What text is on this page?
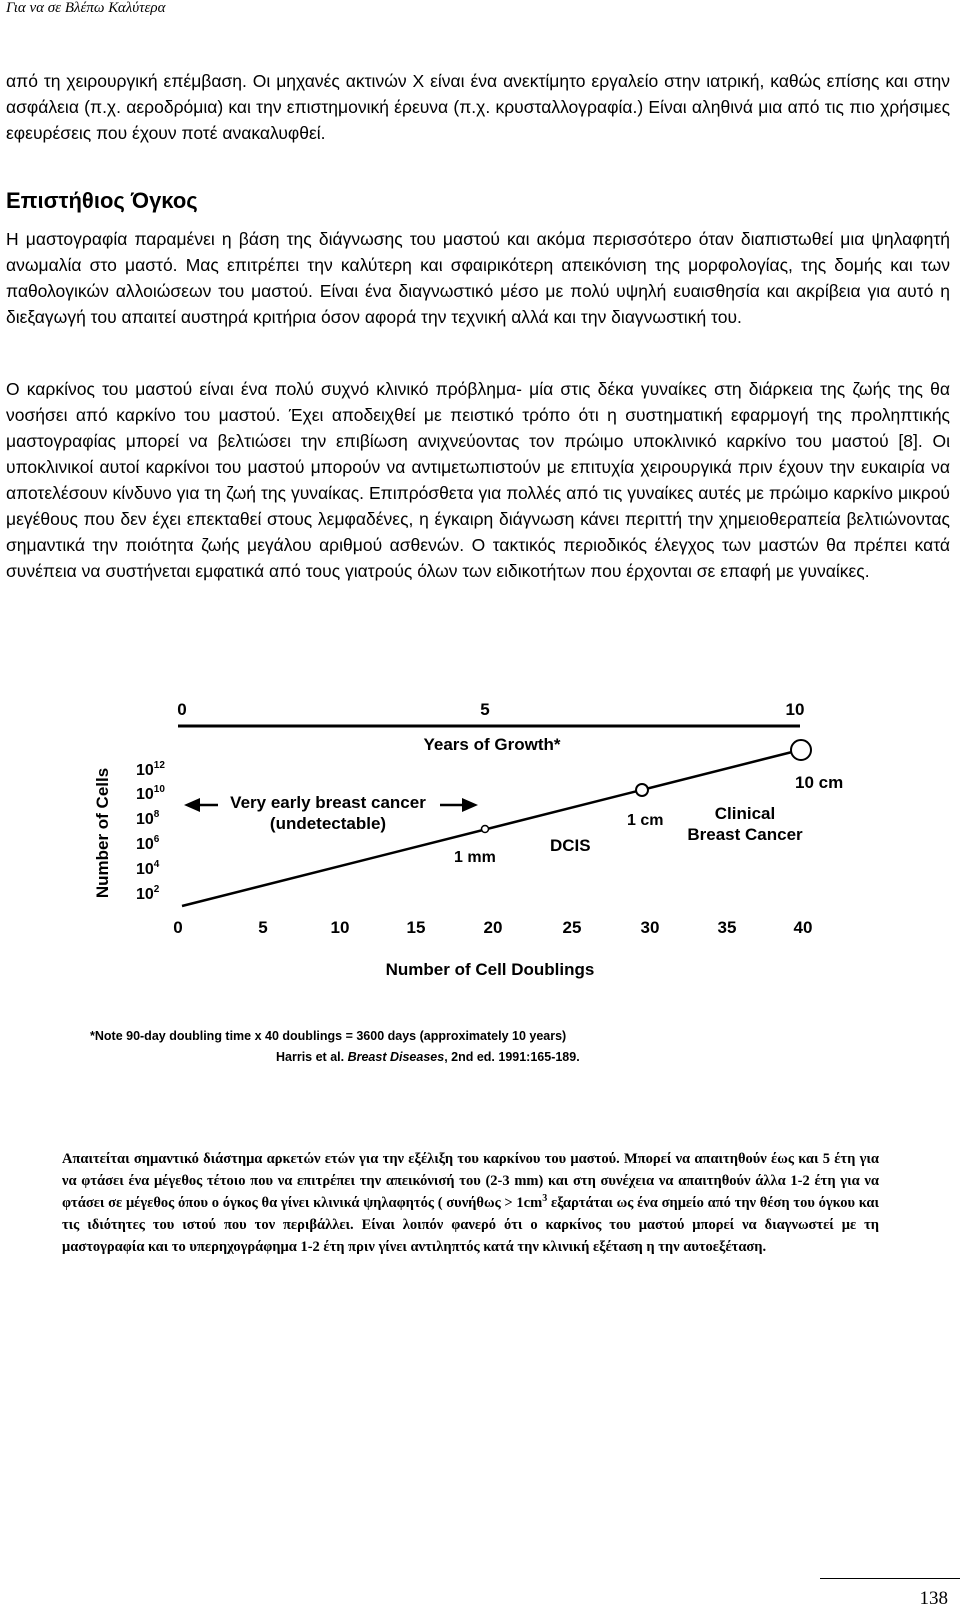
Για να σε Βλέπω Καλύτερα

από τη χειρουργική επέμβαση. Οι μηχανές ακτινών Χ είναι ένα ανεκτίμητο εργαλείο στην ιατρική, καθώς επίσης και στην ασφάλεια (π.χ. αεροδρόμια) και την επιστημονική έρευνα (π.χ. κρυσταλλογραφία.) Είναι αληθινά μια από τις πιο χρήσιμες εφευρέσεις που έχουν ποτέ ανακαλυφθεί.

Επιστήθιος Όγκος

Η μαστογραφία παραμένει η βάση της διάγνωσης του μαστού και ακόμα περισσότερο όταν διαπιστωθεί μια ψηλαφητή ανωμαλία στο μαστό. Μας επιτρέπει την καλύτερη και σφαιρικότερη απεικόνιση της μορφολογίας, της δομής και των παθολογικών αλλοιώσεων του μαστού. Είναι ένα διαγνωστικό μέσο με πολύ υψηλή ευαισθησία και ακρίβεια για αυτό η διεξαγωγή του απαιτεί αυστηρά κριτήρια όσον αφορά την τεχνική αλλά και την διαγνωστική του.

Ο καρκίνος του μαστού είναι ένα πολύ συχνό κλινικό πρόβλημα- μία στις δέκα γυναίκες στη διάρκεια της ζωής της θα νοσήσει από καρκίνο του μαστού. Έχει αποδειχθεί με πειστικό τρόπο ότι η συστηματική εφαρμογή της προληπτικής μαστογραφίας μπορεί να βελτιώσει την επιβίωση ανιχνεύοντας τον πρώιμο υποκλινικό καρκίνο του μαστού [8]. Οι υποκλινικοί αυτοί καρκίνοι του μαστού μπορούν να αντιμετωπιστούν με επιτυχία χειρουργικά πριν έχουν την ευκαιρία να αποτελέσουν κίνδυνο για τη ζωή της γυναίκας. Επιπρόσθετα για πολλές από τις γυναίκες αυτές με πρώιμο καρκίνο μικρού μεγέθους που δεν έχει επεκταθεί στους λεμφαδένες, η έγκαιρη διάγνωση κάνει περιττή την χημειοθεραπεία βελτιώνοντας σημαντικά την ποιότητα ζωής μεγάλου αριθμού ασθενών. Ο τακτικός περιοδικός έλεγχος των μαστών θα πρέπει κατά συνέπεια να συστήνεται εμφατικά από τους γιατρούς όλων των ειδικοτήτων που έρχονται σε επαφή με γυναίκες.

0	5	10
Years of Growth*
Number of Cells $10^{12}$
$10^{10}$
$10^8$
$10^6$
$10^4$
$10^2$
Very early breast cancer
(undetectable)
1 mm
DCIS
1 cm	Clinical
Breast Cancer
10 cm
0	5	10	15	20	25	30	35	40
Number of Cell Doublings
*Note 90-day doubling time x 40 doublings = 3600 days (approximately 10 years)
Harris et al. Breast Diseases, 2nd ed. 1991:165-189.

Απαιτείται σημαντικό διάστημα αρκετών ετών για την εξέλιξη του καρκίνου του μαστού. Μπορεί να απαιτηθούν έως και 5 έτη για να φτάσει ένα μέγεθος τέτοιο που να επιτρέπει την απεικόνισή του (2-3 mm) και στη συνέχεια να απαιτηθούν άλλα 1-2 έτη για να φτάσει σε μέγεθος όπου ο όγκος θα γίνει κλινικά ψηλαφητός ( $\sigma\upsilon\nu ή\theta\omega\varsigma > 1cm^3$ εξαρτάται ως ένα σημείο από την θέση του όγκου και τις ιδιότητες του ιστού που τον περιβάλλει. Είναι λοιπόν φανερό ότι ο καρκίνος του μαστού μπορεί να διαγνωστεί με τη μαστογραφία και το υπερηχογράφημα 1-2 έτη πριν γίνει αντιληπτός κατά την κλινική εξέταση η την αυτοεξέταση.

138
